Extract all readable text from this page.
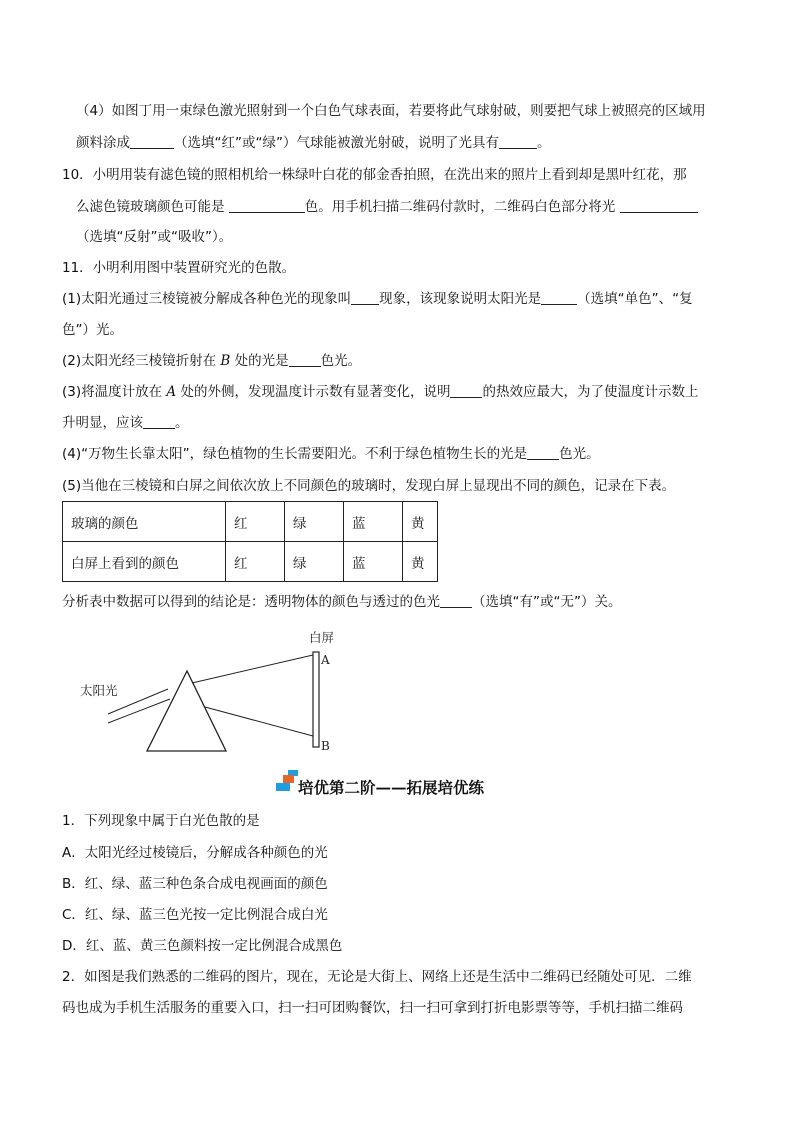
（4）如图丁用一束绿色激光照射到一个白色气球表面，若要将此气球射破，则要把气球上被照亮的区域用
颜料涂成	（选填“红”或“绿”）气球能被激光射破，说明了光具有	。
10．小明用装有滤色镜的照相机给一株绿叶白花的郁金香拍照，在洗出来的照片上看到却是黑叶红花，那
么滤色镜玻璃颜色可能是	色。用手机扫描二维码付款时，二维码白色部分将光
（选填“反射”或“吸收”）。
11．小明利用图中装置研究光的色散。
(1)太阳光通过三棱镜被分解成各种色光的现象叫 现象，该现象说明太阳光是	（选填“单色”、“复
色”）光。
(2)太阳光经三棱镜折射在 B 处的光是 色光。
(3)将温度计放在 A 处的外侧，发现温度计示数有显著变化，说明 的热效应最大，为了使温度计示数上
升明显，应该 。
(4)“万物生长靠太阳”，绿色植物的生长需要阳光。不利于绿色植物生长的光是 色光。
(5)当他在三棱镜和白屏之间依次放上不同颜色的玻璃时，发现白屏上显现出不同的颜色，记录在下表。
玻璃的颜色	红	绿	蓝	黄
白屏上看到的颜色	红	绿	蓝	黄
分析表中数据可以得到的结论是：透明物体的颜色与透过的色光 （选填“有”或“无”）关。
白屏
太阳光
A
B
培优第二阶——拓展培优练
1．下列现象中属于白光色散的是
A．太阳光经过棱镜后，分解成各种颜色的光
B．红、绿、蓝三种色条合成电视画面的颜色
C．红、绿、蓝三色光按一定比例混合成白光
D．红、蓝、黄三色颜料按一定比例混合成黑色
2．如图是我们熟悉的二维码的图片，现在，无论是大街上、网络上还是生活中二维码已经随处可见．二维
码也成为手机生活服务的重要入口，扫一扫可团购餐饮，扫一扫可拿到打折电影票等等，手机扫描二维码
